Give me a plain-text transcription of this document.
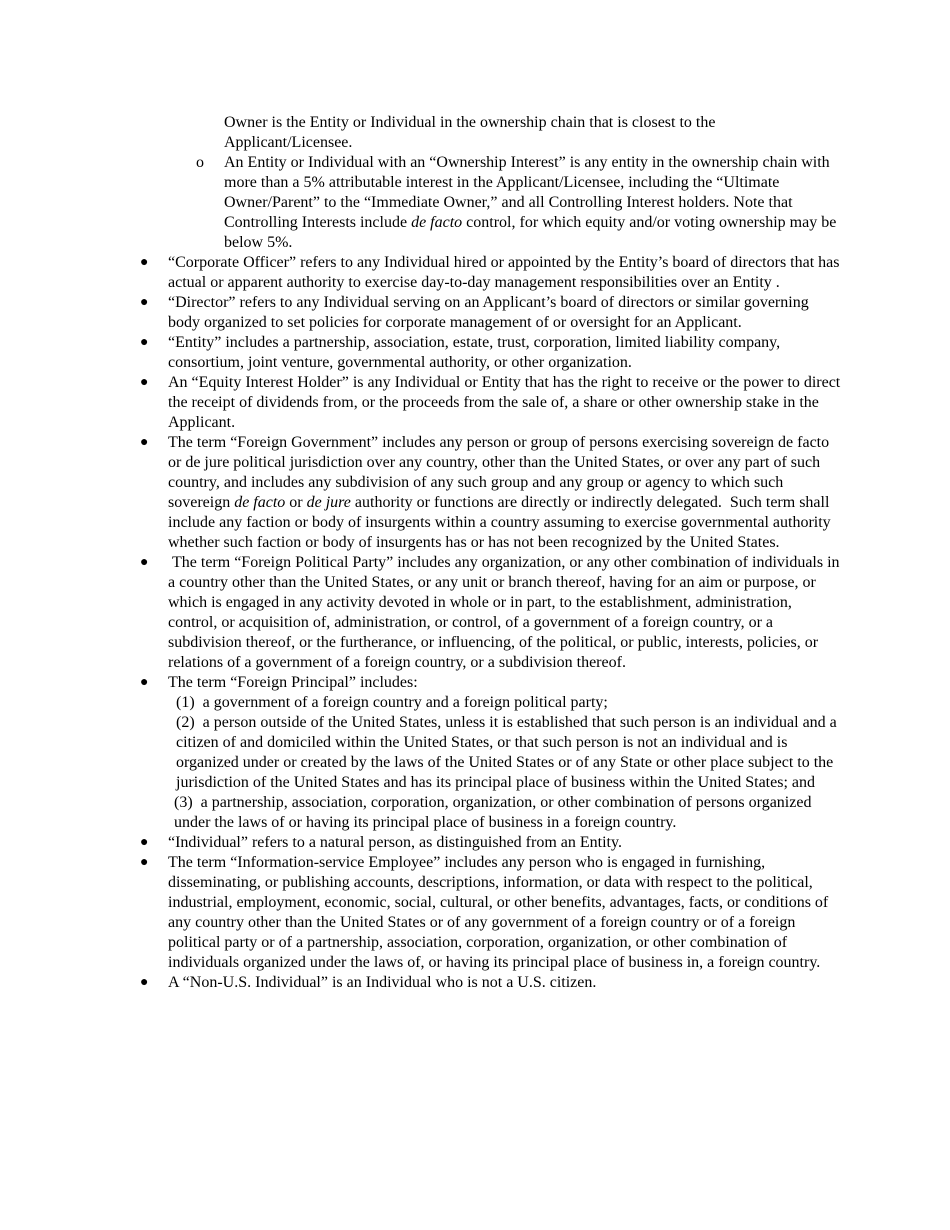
Owner is the Entity or Individual in the ownership chain that is closest to the Applicant/Licensee.
o An Entity or Individual with an “Ownership Interest” is any entity in the ownership chain with more than a 5% attributable interest in the Applicant/Licensee, including the “Ultimate Owner/Parent” to the “Immediate Owner,” and all Controlling Interest holders. Note that Controlling Interests include de facto control, for which equity and/or voting ownership may be below 5%.
● “Corporate Officer” refers to any Individual hired or appointed by the Entity’s board of directors that has actual or apparent authority to exercise day-to-day management responsibilities over an Entity .
● “Director” refers to any Individual serving on an Applicant’s board of directors or similar governing body organized to set policies for corporate management of or oversight for an Applicant.
● “Entity” includes a partnership, association, estate, trust, corporation, limited liability company, consortium, joint venture, governmental authority, or other organization.
● An “Equity Interest Holder” is any Individual or Entity that has the right to receive or the power to direct the receipt of dividends from, or the proceeds from the sale of, a share or other ownership stake in the Applicant.
● The term “Foreign Government” includes any person or group of persons exercising sovereign de facto or de jure political jurisdiction over any country, other than the United States, or over any part of such country, and includes any subdivision of any such group and any group or agency to which such sovereign de facto or de jure authority or functions are directly or indirectly delegated.  Such term shall include any faction or body of insurgents within a country assuming to exercise governmental authority whether such faction or body of insurgents has or has not been recognized by the United States.
● The term “Foreign Political Party” includes any organization, or any other combination of individuals in a country other than the United States, or any unit or branch thereof, having for an aim or purpose, or which is engaged in any activity devoted in whole or in part, to the establishment, administration, control, or acquisition of, administration, or control, of a government of a foreign country, or a subdivision thereof, or the furtherance, or influencing, of the political, or public, interests, policies, or relations of a government of a foreign country, or a subdivision thereof.
● The term “Foreign Principal” includes:
(1)  a government of a foreign country and a foreign political party;
(2)  a person outside of the United States, unless it is established that such person is an individual and a citizen of and domiciled within the United States, or that such person is not an individual and is organized under or created by the laws of the United States or of any State or other place subject to the jurisdiction of the United States and has its principal place of business within the United States; and
(3)  a partnership, association, corporation, organization, or other combination of persons organized under the laws of or having its principal place of business in a foreign country.
● “Individual” refers to a natural person, as distinguished from an Entity.
● The term “Information-service Employee” includes any person who is engaged in furnishing, disseminating, or publishing accounts, descriptions, information, or data with respect to the political, industrial, employment, economic, social, cultural, or other benefits, advantages, facts, or conditions of any country other than the United States or of any government of a foreign country or of a foreign political party or of a partnership, association, corporation, organization, or other combination of individuals organized under the laws of, or having its principal place of business in, a foreign country.
● A “Non-U.S. Individual” is an Individual who is not a U.S. citizen.
